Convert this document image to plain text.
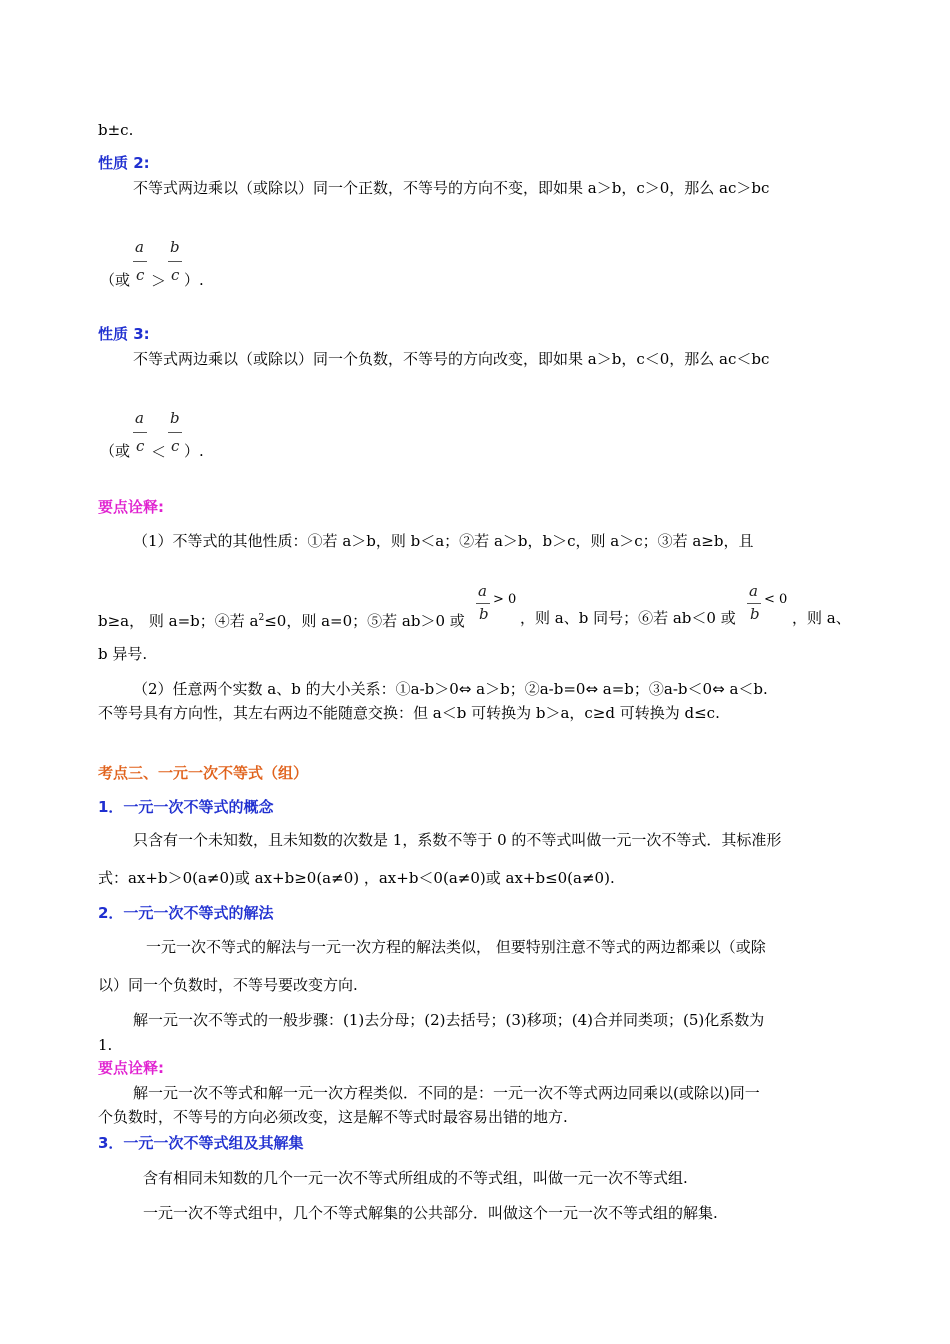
b±c.
性质 2:
不等式两边乘以（或除以）同一个正数，不等号的方向不变，即如果 a＞b，c＞0，那么 ac＞bc
a b
（或 c ＞ c ）.
性质 3:
不等式两边乘以（或除以）同一个负数，不等号的方向改变，即如果 a＞b，c＜0，那么 ac＜bc
a b
（或 c ＜ c ）.
要点诠释:
（1）不等式的其他性质：①若 a＞b，则 b＜a；②若 a＞b，b＞c，则 a＞c；③若 a≥b，且
b≥a， 则 a=b；④若 $a^2\le 0$，则 a=0；⑤若 ab＞0 或
a
b
> 0
，则 a、b 同号；⑥若 ab＜0 或
a
b
< 0
，则 a、
b 异号.
（2）任意两个实数 a、b 的大小关系：①a-b＞0⇔ a＞b；②a-b=0⇔ a=b；③a-b＜0⇔ a＜b.
不等号具有方向性，其左右两边不能随意交换：但 a＜b 可转换为 b＞a，c≥d 可转换为 d≤c.
考点三、一元一次不等式（组）
1．一元一次不等式的概念
只含有一个未知数，且未知数的次数是 1，系数不等于 0 的不等式叫做一元一次不等式．其标准形
式：ax+b＞0(a≠0)或 ax+b≥0(a≠0) ，ax+b＜0(a≠0)或 ax+b≤0(a≠0).
2．一元一次不等式的解法
一元一次不等式的解法与一元一次方程的解法类似， 但要特别注意不等式的两边都乘以（或除
以）同一个负数时，不等号要改变方向.
解一元一次不等式的一般步骤：(1)去分母；(2)去括号；(3)移项；(4)合并同类项；(5)化系数为
1.
要点诠释:
解一元一次不等式和解一元一次方程类似．不同的是：一元一次不等式两边同乘以(或除以)同一
个负数时，不等号的方向必须改变，这是解不等式时最容易出错的地方.
3．一元一次不等式组及其解集
含有相同未知数的几个一元一次不等式所组成的不等式组，叫做一元一次不等式组.
一元一次不等式组中，几个不等式解集的公共部分．叫做这个一元一次不等式组的解集.
